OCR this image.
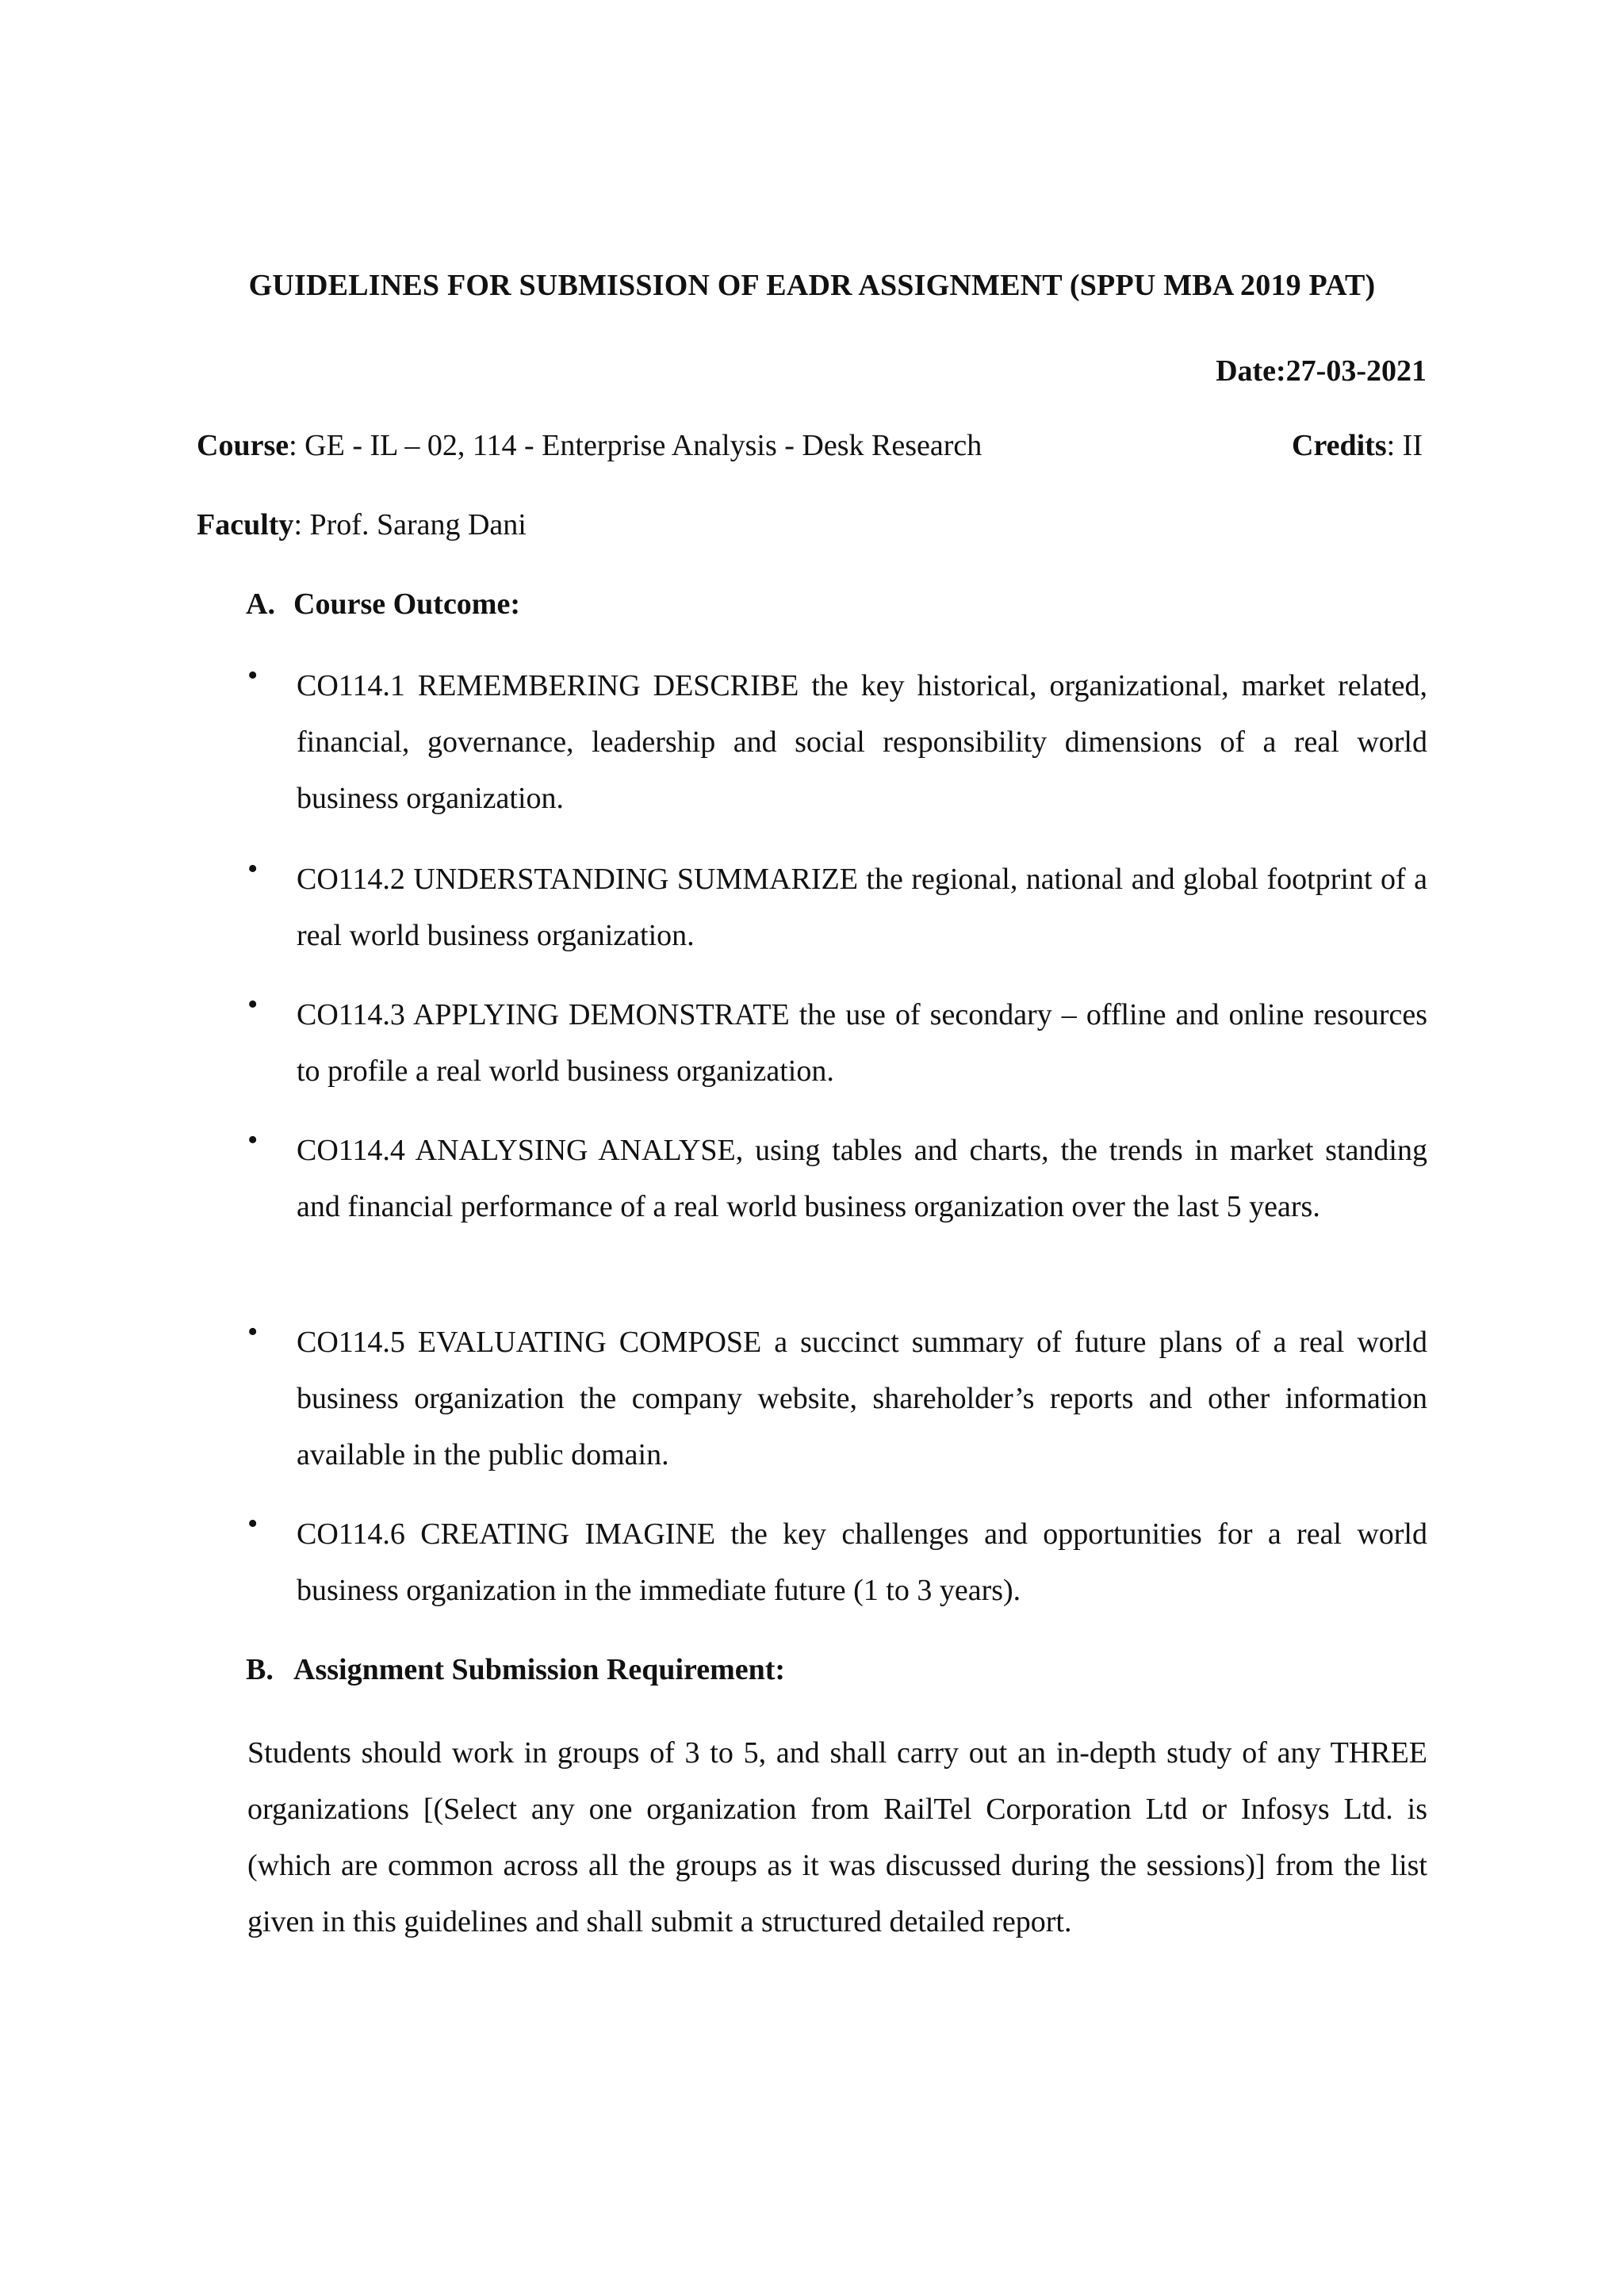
GUIDELINES FOR SUBMISSION OF EADR ASSIGNMENT (SPPU MBA 2019 PAT)
Date:27-03-2021
Course: GE - IL – 02, 114 - Enterprise Analysis - Desk Research	Credits: II
Faculty: Prof. Sarang Dani
A. Course Outcome:
•	CO114.1 REMEMBERING DESCRIBE the key historical, organizational, market related, financial, governance, leadership and social responsibility dimensions of a real world business organization.
•	CO114.2 UNDERSTANDING SUMMARIZE the regional, national and global footprint of a real world business organization.
•	CO114.3 APPLYING DEMONSTRATE the use of secondary – offline and online resources to profile a real world business organization.
•	CO114.4 ANALYSING ANALYSE, using tables and charts, the trends in market standing and financial performance of a real world business organization over the last 5 years.
•	CO114.5 EVALUATING COMPOSE a succinct summary of future plans of a real world business organization the company website, shareholder’s reports and other information available in the public domain.
•	CO114.6 CREATING IMAGINE the key challenges and opportunities for a real world business organization in the immediate future (1 to 3 years).
B. Assignment Submission Requirement:
Students should work in groups of 3 to 5, and shall carry out an in-depth study of any THREE organizations [(Select any one organization from RailTel Corporation Ltd or Infosys Ltd. is (which are common across all the groups as it was discussed during the sessions)] from the list given in this guidelines and shall submit a structured detailed report.
